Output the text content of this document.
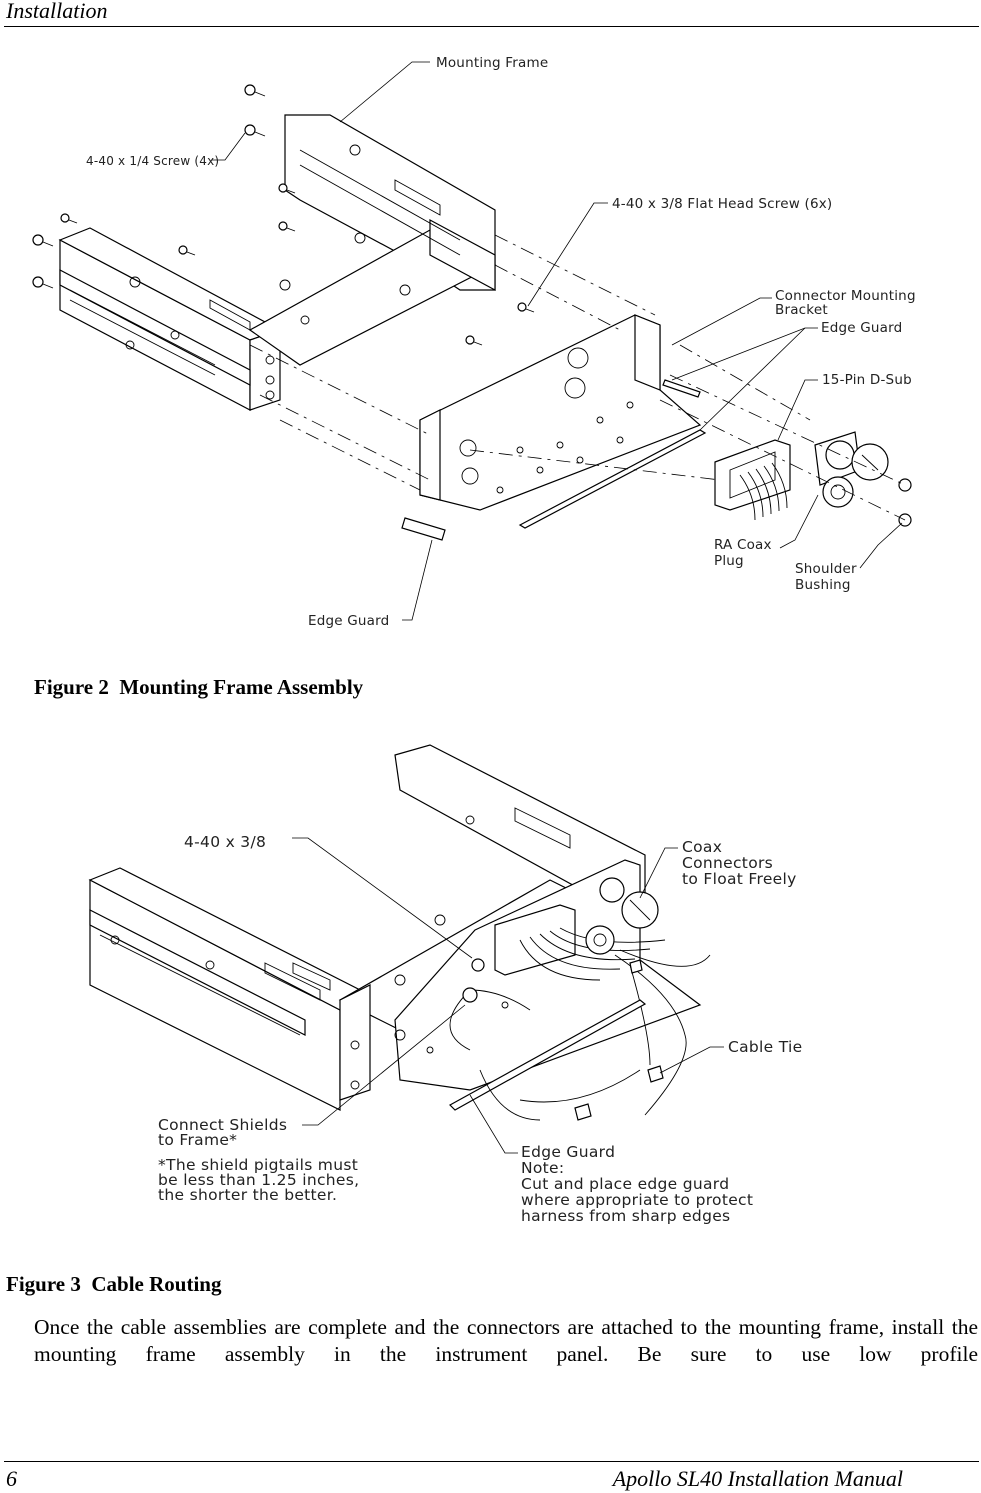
Installation
Mounting Frame
4-40 x 1/4 Screw (4x)
4-40 x 3/8 Flat Head Screw (6x)
Connector Mounting
Bracket
Edge Guard
15-Pin D-Sub
RA Coax
Plug	Shoulder
Bushing
Edge Guard
Figure 2  Mounting Frame Assembly
4-40 x 3/8	Coax
Connectors
to Float Freely
Cable Tie
Connect Shields
to Frame*
*The shield pigtails must
be less than 1.25 inches,
the shorter the better.
Edge Guard
Note:
Cut and place edge guard
where appropriate to protect
harness from sharp edges
Figure 3  Cable Routing
Once the cable assemblies are complete and the connectors are attached to the mounting frame, install the mounting frame assembly in the instrument panel. Be sure to use low profile
6	Apollo SL40 Installation Manual
